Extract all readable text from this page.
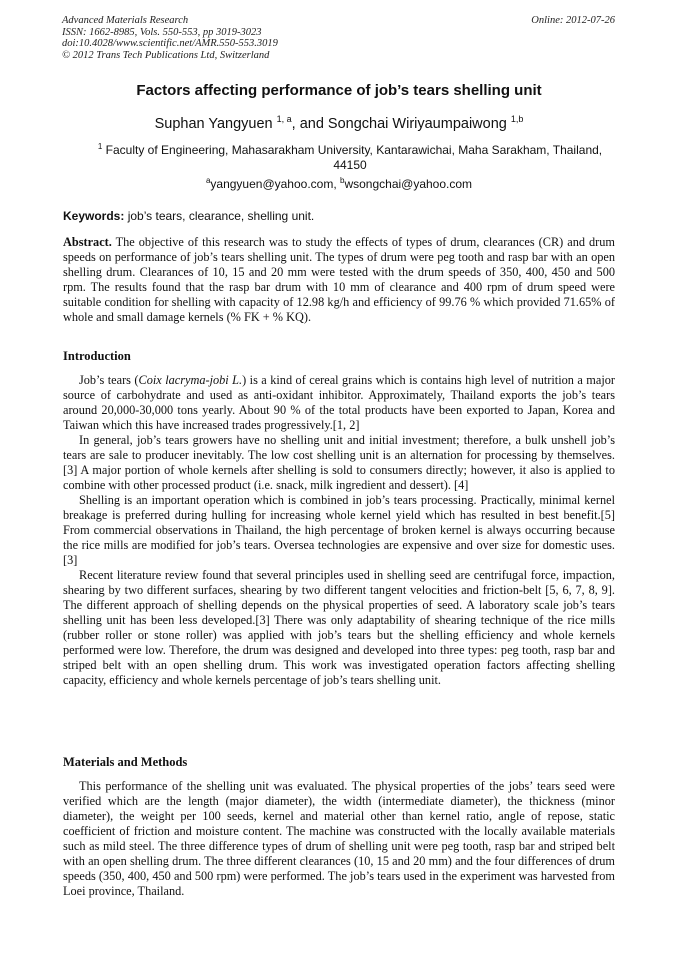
Advanced Materials Research
ISSN: 1662-8985, Vols. 550-553, pp 3019-3023
doi:10.4028/www.scientific.net/AMR.550-553.3019
© 2012 Trans Tech Publications Ltd, Switzerland
Online: 2012-07-26
Factors affecting performance of job’s tears shelling unit
Suphan Yangyuen $^{1, a}$, and Songchai Wiriyaumpaiwong $^{1,b}$
$^1$ Faculty of Engineering, Mahasarakham University, Kantarawichai, Maha Sarakham, Thailand, 44150
$^a$yangyuen@yahoo.com, $^b$wsongchai@yahoo.com
Keywords: job’s tears, clearance, shelling unit.

Abstract. The objective of this research was to study the effects of types of drum, clearances (CR) and drum speeds on performance of job’s tears shelling unit. The types of drum were peg tooth and rasp bar with an open shelling drum. Clearances of 10, 15 and 20 mm were tested with the drum speeds of 350, 400, 450 and 500 rpm. The results found that the rasp bar drum with 10 mm of clearance and 400 rpm of drum speed were suitable condition for shelling with capacity of 12.98 kg/h and efficiency of 99.76 % which provided 71.65% of whole and small damage kernels (% FK + % KQ).

Introduction

Job’s tears (Coix lacryma-jobi L.) is a kind of cereal grains which is contains high level of nutrition a major source of carbohydrate and used as anti-oxidant inhibitor. Approximately, Thailand exports the job’s tears around 20,000-30,000 tons yearly. About 90 % of the total products have been exported to Japan, Korea and Taiwan which this have increased trades progressively.[1, 2]

In general, job’s tears growers have no shelling unit and initial investment; therefore, a bulk unshell job’s tears are sale to producer inevitably. The low cost shelling unit is an alternation for processing by themselves.[3] A major portion of whole kernels after shelling is sold to consumers directly; however, it also is applied to combine with other processed product (i.e. snack, milk ingredient and dessert). [4]

Shelling is an important operation which is combined in job’s tears processing. Practically, minimal kernel breakage is preferred during hulling for increasing whole kernel yield which has resulted in best benefit.[5] From commercial observations in Thailand, the high percentage of broken kernel is always occurring because the rice mills are modified for job’s tears. Oversea technologies are expensive and over size for domestic uses. [3]

Recent literature review found that several principles used in shelling seed are centrifugal force, impaction, shearing by two different surfaces, shearing by two different tangent velocities and friction-belt [5, 6, 7, 8, 9]. The different approach of shelling depends on the physical properties of seed. A laboratory scale job’s tears shelling unit has been less developed.[3] There was only adaptability of shearing technique of the rice mills (rubber roller or stone roller) was applied with job’s tears but the shelling efficiency and whole kernels performed were low. Therefore, the drum was designed and developed into three types: peg tooth, rasp bar and striped belt with an open shelling drum. This work was investigated operation factors affecting shelling capacity, efficiency and whole kernels percentage of job’s tears shelling unit.

Materials and Methods

This performance of the shelling unit was evaluated. The physical properties of the jobs’ tears seed were verified which are the length (major diameter), the width (intermediate diameter), the thickness (minor diameter), the weight per 100 seeds, kernel and material other than kernel ratio, angle of repose, static coefficient of friction and moisture content. The machine was constructed with the locally available materials such as mild steel. The three difference types of drum of shelling unit were peg tooth, rasp bar and striped belt with an open shelling drum. The three different clearances (10, 15 and 20 mm) and the four differences of drum speeds (350, 400, 450 and 500 rpm) were performed. The job’s tears used in the experiment was harvested from Loei province, Thailand.
